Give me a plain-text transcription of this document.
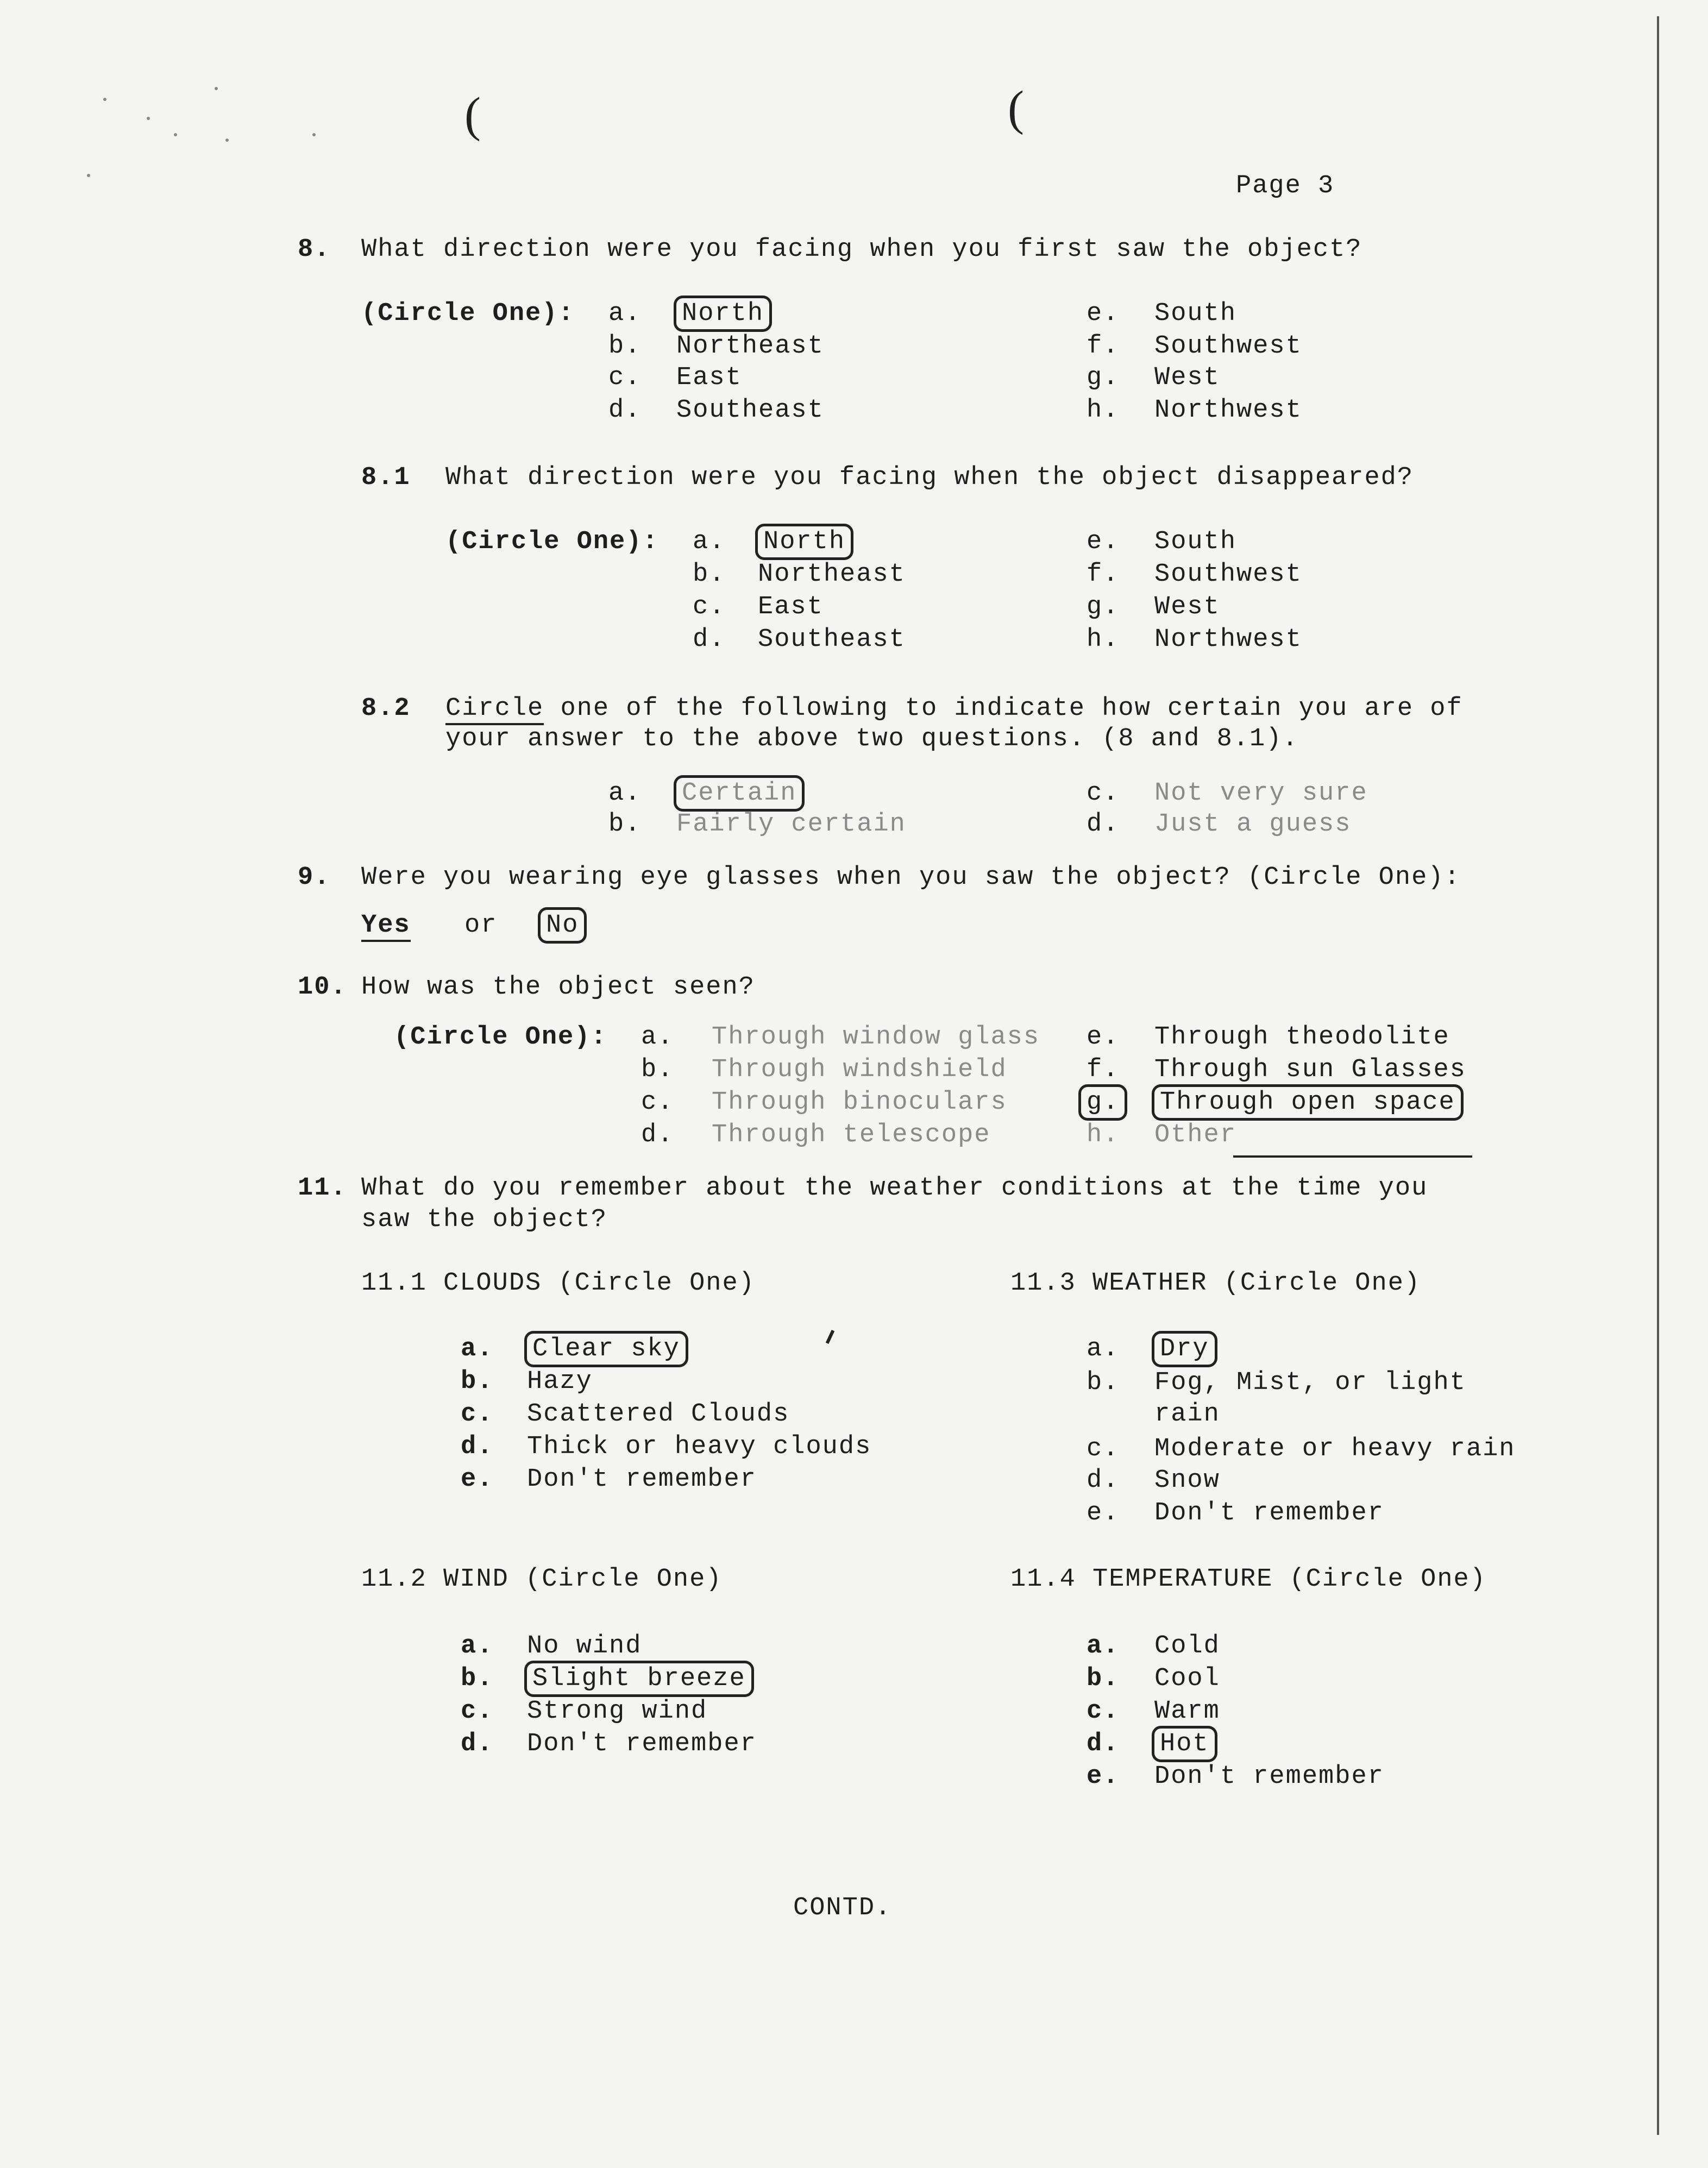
(	(
Page 3
8. What direction were you facing when you first saw the object?
(Circle One): a. North
b. Northeast
c. East
d. Southeast
e. South
f. Southwest
g. West
h. Northwest
8.1 What direction were you facing when the object disappeared?
(Circle One): a. North
b. Northeast
c. East
d. Southeast
e. South
f. Southwest
g. West
h. Northwest
8.2 Circle one of the following to indicate how certain you are of
your answer to the above two questions. (8 and 8.1).
a. Certain
b. Fairly certain
c. Not very sure
d. Just a guess
9. Were you wearing eye glasses when you saw the object? (Circle One):
Yes or No
10. How was the object seen?
(Circle One): a. Through window glass
b. Through windshield
c. Through binoculars
d. Through telescope
e. Through theodolite
f. Through sun Glasses
g. Through open space
h. Other
11. What do you remember about the weather conditions at the time you
saw the object?
11.1 CLOUDS (Circle One)
a. Clear sky
b. Hazy
c. Scattered Clouds
d. Thick or heavy clouds
e. Don't remember
11.3 WEATHER (Circle One)
a. Dry
b. Fog, Mist, or light
rain
c. Moderate or heavy rain
d. Snow
e. Don't remember
11.2 WIND (Circle One)
a. No wind
b. Slight breeze
c. Strong wind
d. Don't remember
11.4 TEMPERATURE (Circle One)
a. Cold
b. Cool
c. Warm
d. Hot
e. Don't remember
CONTD.
